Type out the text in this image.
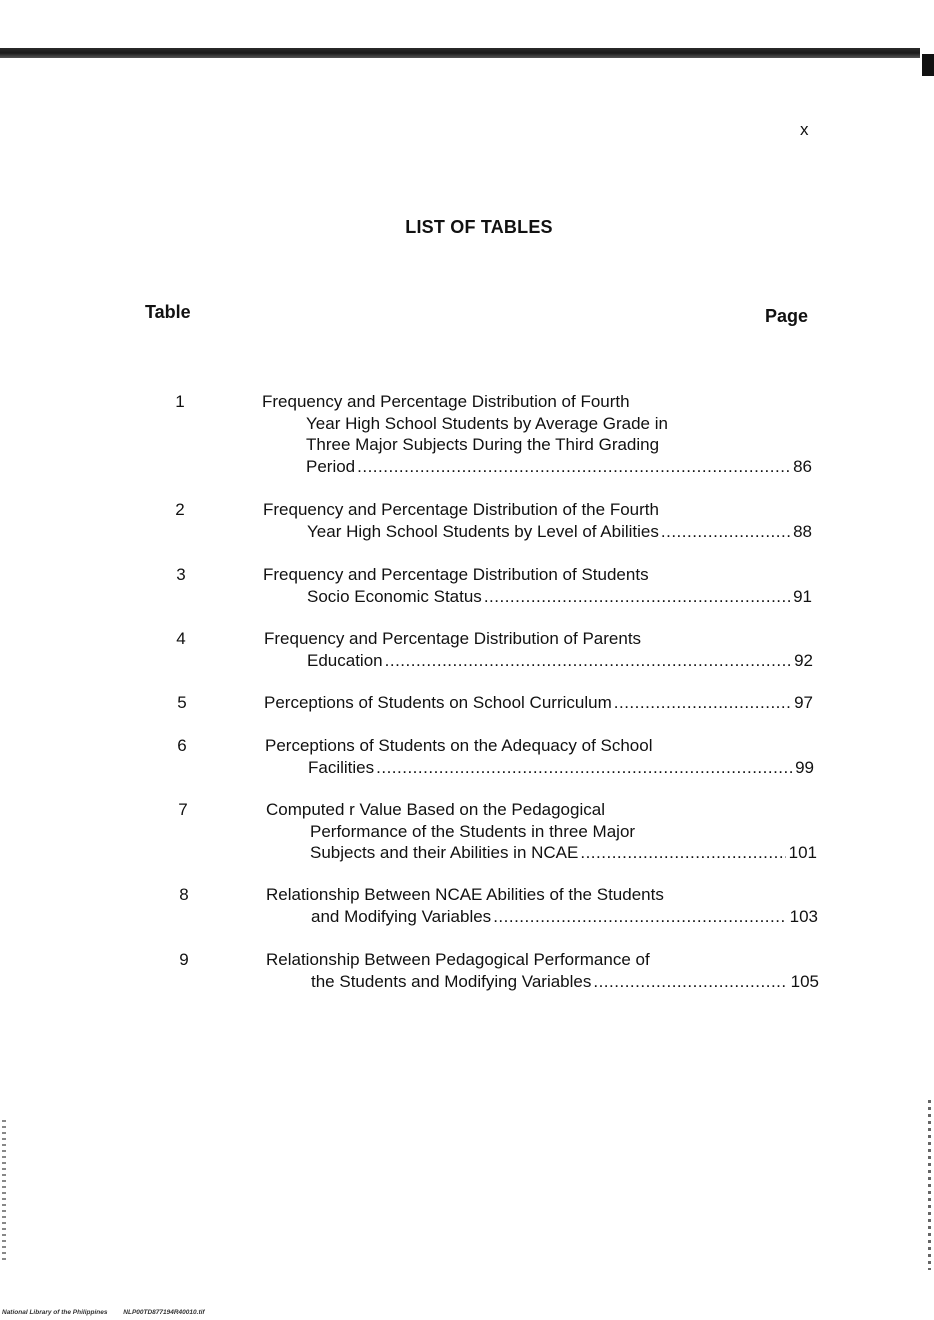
x
LIST OF TABLES
Table	Page
1	Frequency and Percentage Distribution of Fourth
Year High School Students by Average Grade in
Three Major Subjects During the Third Grading
Period .....	86
2	Frequency and Percentage Distribution of the Fourth
Year High School Students by Level of Abilities .....	88
3	Frequency and Percentage Distribution of Students
Socio Economic Status .....	91
4	Frequency and Percentage Distribution of Parents
Education .....	92
5	Perceptions of Students on School Curriculum .....	97
6	Perceptions of Students on the Adequacy of School
Facilities .....	99
7	Computed r Value Based on the Pedagogical
Performance of the Students in three Major
Subjects and their Abilities in NCAE .....	101
8	Relationship Between NCAE Abilities of the Students
and Modifying Variables .....	103
9	Relationship Between Pedagogical Performance of
the Students and Modifying Variables .....	105
National Library of the Philippines NLP00TD877194R40010.tif
